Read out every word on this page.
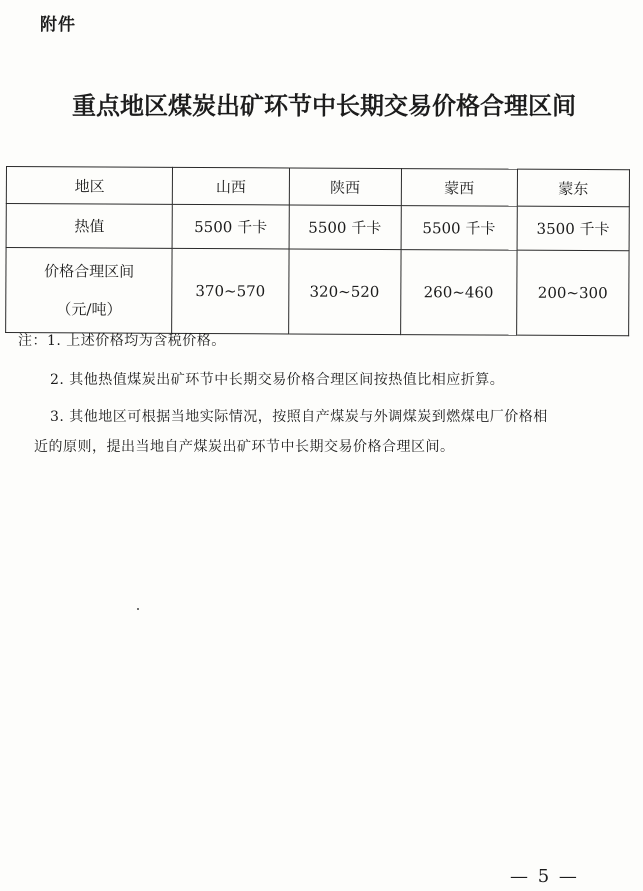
附件
重点地区煤炭出矿环节中长期交易价格合理区间
地区	山西	陕西	蒙西	蒙东
热值	5500 千卡	5500 千卡	5500 千卡	3500 千卡

价格合理区间
（元/吨）	370~570	320~520	260~460	200~300
注：1. 上述价格均为含税价格。
2. 其他热值煤炭出矿环节中长期交易价格合理区间按热值比相应折算。
3. 其他地区可根据当地实际情况，按照自产煤炭与外调煤炭到燃煤电厂价格相
近的原则，提出当地自产煤炭出矿环节中长期交易价格合理区间。
— 5 —
